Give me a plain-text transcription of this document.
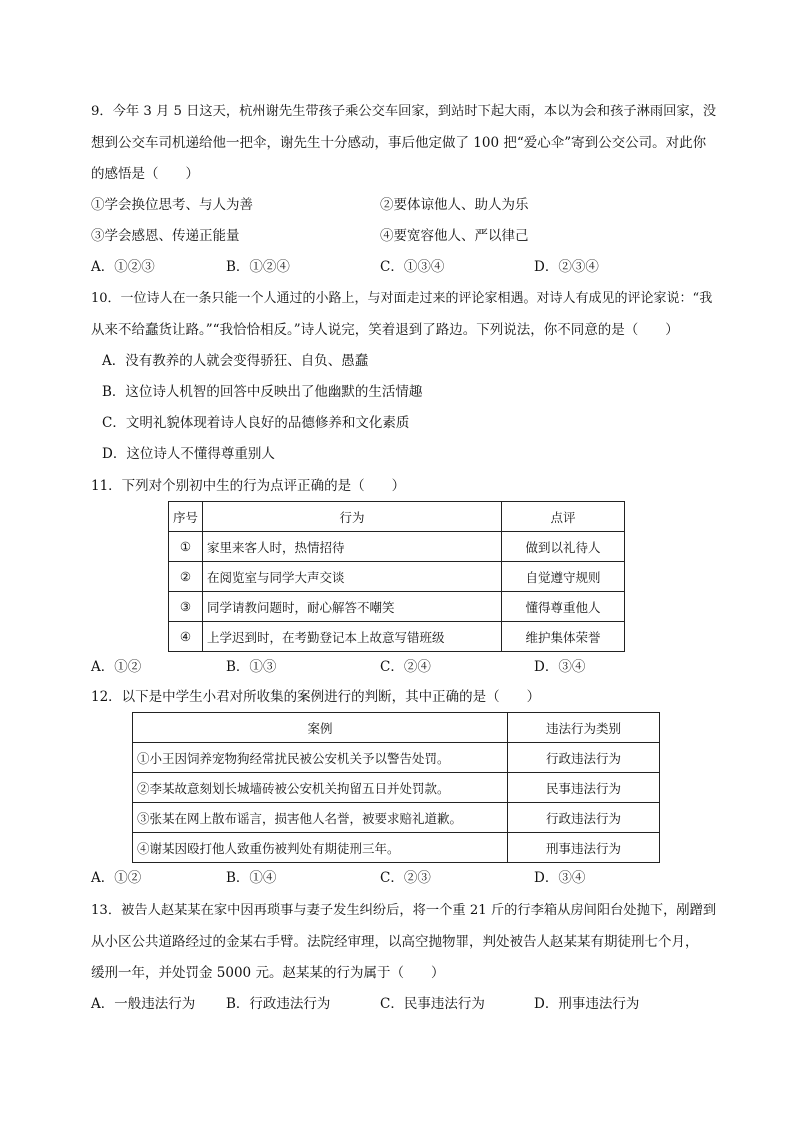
9．今年 3 月 5 日这天，杭州谢先生带孩子乘公交车回家，到站时下起大雨，本以为会和孩子淋雨回家，没
想到公交车司机递给他一把伞，谢先生十分感动，事后他定做了 100 把“爱心伞”寄到公交公司。对此你
的感悟是（　　）
①学会换位思考、与人为善	②要体谅他人、助人为乐
③学会感恩、传递正能量	④要宽容他人、严以律己
A．①②③	B．①②④	C．①③④	D．②③④
10．一位诗人在一条只能一个人通过的小路上，与对面走过来的评论家相遇。对诗人有成见的评论家说：“我
从来不给蠢货让路。”“我恰恰相反。”诗人说完，笑着退到了路边。下列说法，你不同意的是（　　）
A．没有教养的人就会变得骄狂、自负、愚蠢
B．这位诗人机智的回答中反映出了他幽默的生活情趣
C．文明礼貌体现着诗人良好的品德修养和文化素质
D．这位诗人不懂得尊重别人
11．下列对个别初中生的行为点评正确的是（　　）
序号	行为	点评
①	家里来客人时，热情招待	做到以礼待人
②	在阅览室与同学大声交谈	自觉遵守规则
③	同学请教问题时，耐心解答不嘲笑	懂得尊重他人
④	上学迟到时，在考勤登记本上故意写错班级	维护集体荣誉
A．①②	B．①③	C．②④	D．③④
12．以下是中学生小君对所收集的案例进行的判断，其中正确的是（　　）
案例	违法行为类别
①小王因饲养宠物狗经常扰民被公安机关予以警告处罚。	行政违法行为
②李某故意刻划长城墙砖被公安机关拘留五日并处罚款。	民事违法行为
③张某在网上散布谣言，损害他人名誉，被要求赔礼道歉。	行政违法行为
④谢某因殴打他人致重伤被判处有期徒刑三年。	刑事违法行为
A．①②	B．①④	C．②③	D．③④
13．被告人赵某某在家中因再琐事与妻子发生纠纷后，将一个重 21 斤的行李箱从房间阳台处抛下，剐蹭到
从小区公共道路经过的金某右手臂。法院经审理，以高空抛物罪，判处被告人赵某某有期徒刑七个月，
缓刑一年，并处罚金 5000 元。赵某某的行为属于（　　）
A．一般违法行为 B．行政违法行为	C．民事违法行为	D．刑事违法行为
